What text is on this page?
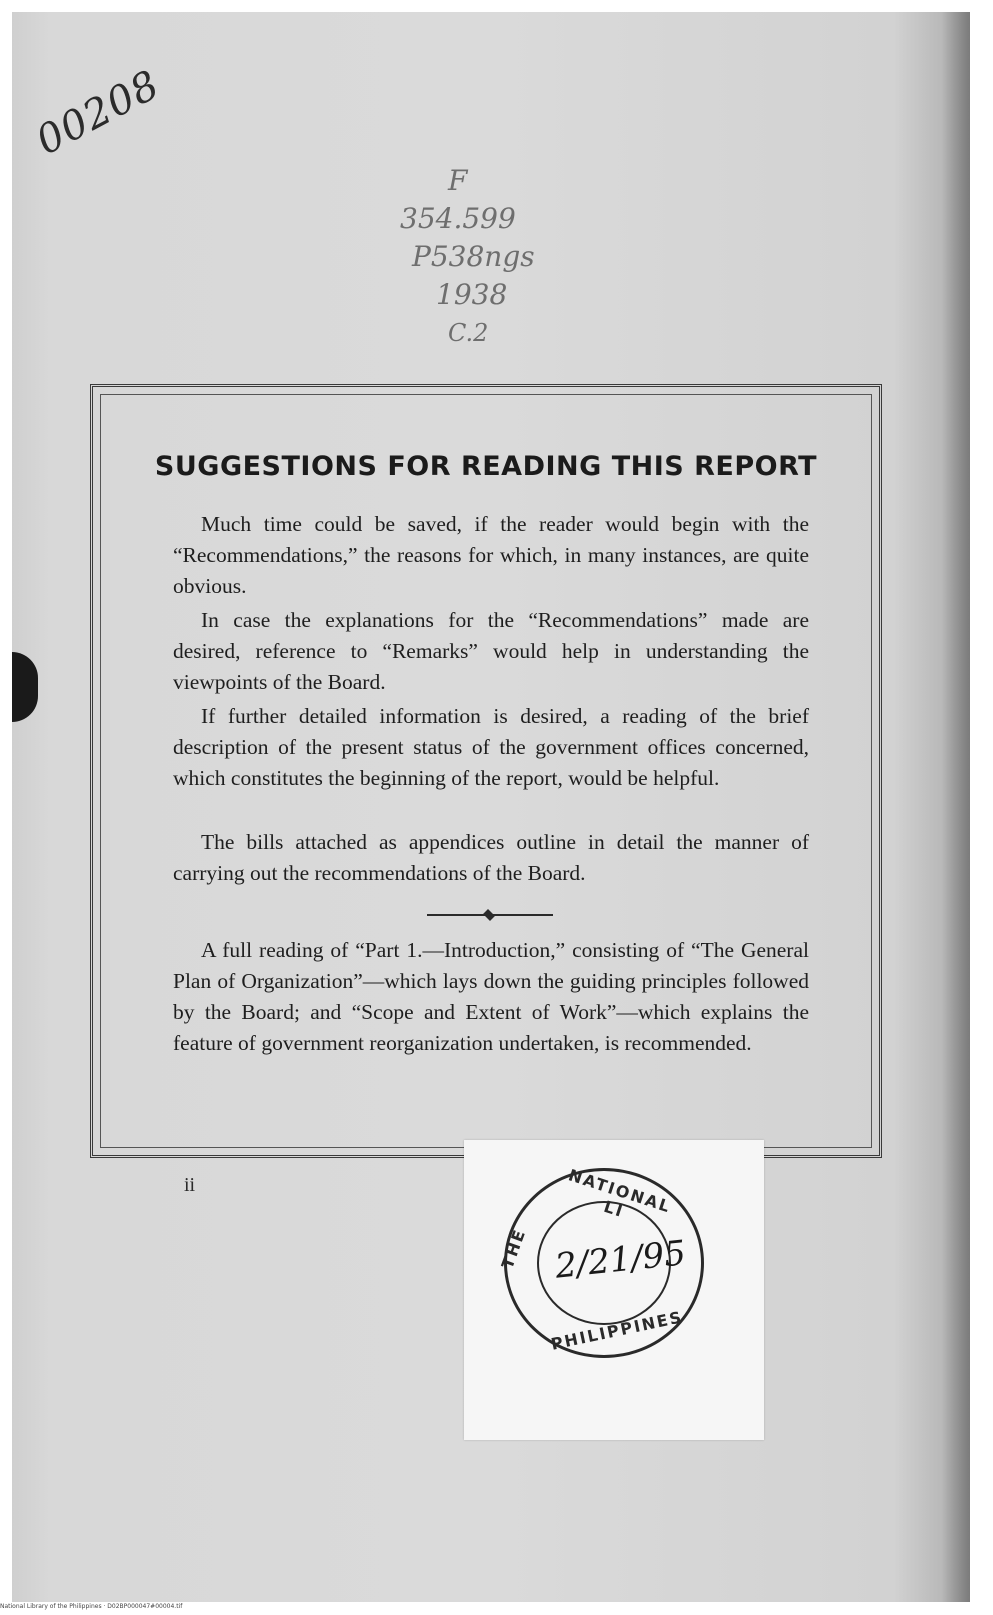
00208
F
354.599
P538ngs
1938
C.2
SUGGESTIONS FOR READING THIS REPORT

Much time could be saved, if the reader would begin with the “Recommendations,” the reasons for which, in many instances, are quite obvious.

In case the explanations for the “Recommendations” made are desired, reference to “Remarks” would help in understanding the viewpoints of the Board.

If further detailed information is desired, a reading of the brief description of the present status of the government offices concerned, which constitutes the beginning of the report, would be helpful.

The bills attached as appendices outline in detail the manner of carrying out the recommendations of the Board.

A full reading of “Part 1.—Introduction,” consisting of “The General Plan of Organization”—which lays down the guiding principles followed by the Board; and “Scope and Extent of Work”—which explains the feature of government reorganization undertaken, is recommended.

ii	NATIONAL LI
THE
PHILIPPINES
2/21/95
National Library of the Philippines · D02BP000047#00004.tif
